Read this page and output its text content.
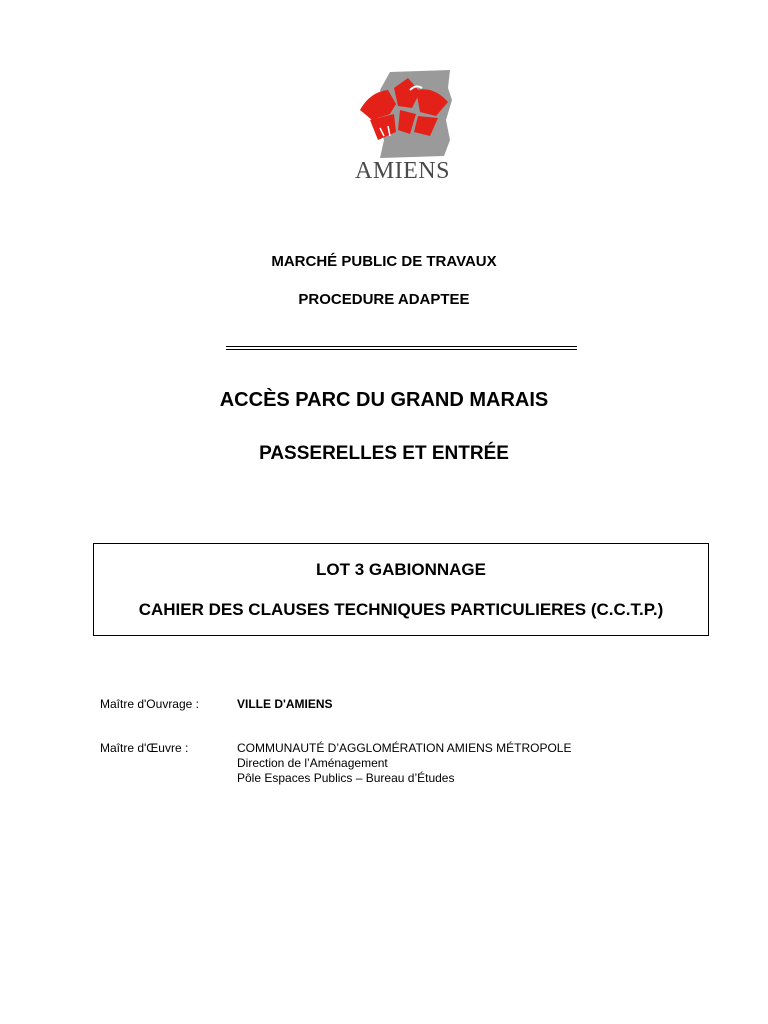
AMIENS
MARCHÉ PUBLIC DE TRAVAUX
PROCEDURE ADAPTEE
ACCÈS PARC DU GRAND MARAIS
PASSERELLES ET ENTRÉE
LOT 3 GABIONNAGE
CAHIER DES CLAUSES TECHNIQUES PARTICULIERES (C.C.T.P.)
Maître d'Ouvrage :	VILLE D'AMIENS
Maître d'Œuvre :	COMMUNAUTÉ D’AGGLOMÉRATION AMIENS MÉTROPOLE
Direction de l’Aménagement
Pôle Espaces Publics – Bureau d’Études
